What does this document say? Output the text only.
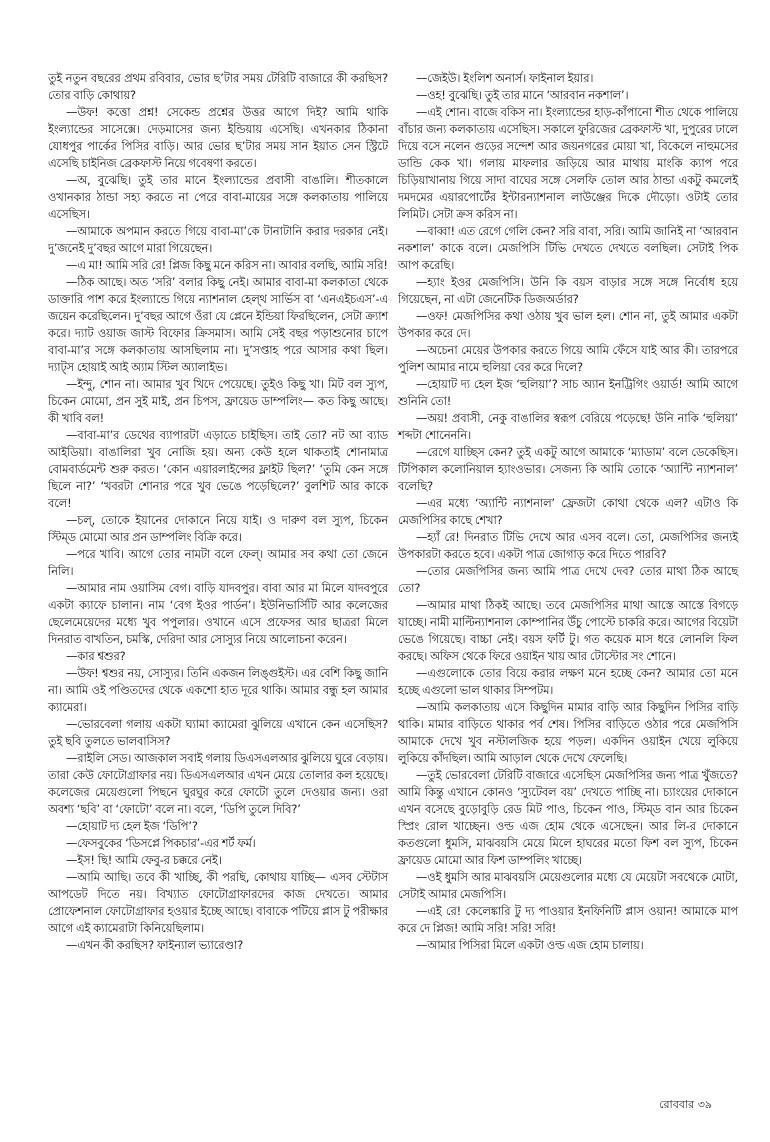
তুই নতুন বছরের প্রথম রবিবার, ভোর ছ’টার সময় টেরিটি বাজারে কী করছিস? তোর বাড়ি কোথায়?

—উফ! কত্তো প্রশ্ন! সেকেন্ড প্রশ্নের উত্তর আগে দিই? আমি থাকি ইংল্যান্ডের সাসেক্সে। দেড়মাসের জন্য ইন্ডিয়ায় এসেছি। এখনকার ঠিকানা যোধপুর পার্কের পিসির বাড়ি। আর ভোর ছ’টার সময় সান ইয়াত সেন স্ট্রিটে এসেছি চাইনিজ ব্রেকফাস্ট নিয়ে গবেষণা করতে।

—অ, বুঝেছি। তুই তার মানে ইংল্যান্ডের প্রবাসী বাঙালি। শীতকালে ওখানকার ঠান্ডা সহ্য করতে না পেরে বাবা-মায়ের সঙ্গে কলকাতায় পালিয়ে এসেছিস।

—আমাকে অপমান করতে গিয়ে বাবা-মা’কে টানাটানি করার দরকার নেই। দু’জনেই দু’বছর আগে মারা গিয়েছেন।

—এ মা! আমি সরি রে! প্লিজ কিছু মনে করিস না। আবার বলছি, আমি সরি!

—ঠিক আছে। অত ‘সরি’ বলার কিছু নেই। আমার বাবা-মা কলকাতা থেকে ডাক্তারি পাশ করে ইংল্যান্ডে গিয়ে ন্যাশনাল হেল্‌থ সার্ভিস বা ‘এনএইচএস’-এ জয়েন করেছিলেন। দু’বছর আগে ওঁরা যে প্লেনে ইন্ডিয়া ফিরছিলেন, সেটা ক্র্যাশ করে। দ্যাট ওয়াজ জাস্ট বিফোর ক্রিসমাস। আমি সেই বছর পড়াশুনোর চাপে বাবা-মা’র সঙ্গে কলকাতায় আসছিলাম না। দু’সপ্তাহ পরে আসার কথা ছিল। দ্যাট্‌স হোয়াই আই অ্যাম স্টিল অ্যালাইভ।

—ইন্দু, শোন না। আমার খুব খিদে পেয়েছে। তুইও কিছু খা। মিট বল স্যুপ, চিকেন মোমো, প্রন সুই মাই, প্রন চিপস, ফ্রায়েড ডাম্পলিং— কত কিছু আছে। কী খাবি বল!

—বাবা-মা’র ডেথের ব্যাপারটা এড়াতে চাইছিস। তাই তো? নট আ ব্যাড আইডিয়া। বাঙালিরা খুব নোজি হয়। অন্য কেউ হলে থাকতাই শোনামাত্র বোমবার্ডমেন্ট শুরু করত। ‘কোন এয়ারলাইন্সের ফ্লাইট ছিল?’ ‘তুমি কেন সঙ্গে ছিলে না?’ ‘খবরটা শোনার পরে খুব ভেঙে পড়েছিলে?’ বুলশিট আর কাকে বলে!

—চল্‌, তোকে ইয়ানের দোকানে নিয়ে যাই। ও দারুণ বল স্যুপ, চিকেন স্টিম্‌ড মোমো আর প্রন ডাম্পলিং বিক্রি করে।

—পরে খাবি। আগে তোর নামটা বলে ফেল্‌। আমার সব কথা তো জেনে নিলি।

—আমার নাম ওয়াসিম বেগ। বাড়ি যাদবপুর। বাবা আর মা মিলে যাদবপুরে একটা ক্যাফে চালান। নাম ‘বেগ ইওর পার্ডন’। ইউনিভার্সিটি আর কলেজের ছেলেমেয়েদের মধ্যে খুব পপুলার। ওখানে এসে প্রফেসর আর ছাত্ররা মিলে দিনরাত বাখতিন, চমস্কি, দেরিদা আর সোস্যুর নিয়ে আলোচনা করেন।

—কার শ্বশুর?

—উফ! শ্বশুর নয়, সোস্যুর। তিনি একজন লিঙ্গুইস্ট। এর বেশি কিছু জানি না। আমি ওই পণ্ডিতদের থেকে একশো হাত দূরে থাকি। আমার বন্ধু হল আমার ক্যামেরা।

—ভোরবেলা গলায় একটা ঘ্যামা ক্যামেরা ঝুলিয়ে এখানে কেন এসেছিস? তুই ছবি তুলতে ভালবাসিস?

—রাইলি সেড। আজকাল সবাই গলায় ডিএসএলআর ঝুলিয়ে ঘুরে বেড়ায়। তারা কেউ ফোটোগ্রাফার নয়। ডিএসএলআর এখন মেয়ে তোলার কল হয়েছে। কলেজের মেয়েগুলো পিছনে ঘুরঘুর করে ফোটো তুলে দেওয়ার জন্য। ওরা অবশ্য ‘ছবি’ বা ‘ফোটো’ বলে না। বলে, ‘ডিপি তুলে দিবি?’

—হোয়াট দ্য হেল ইজ ‘ডিপি’?

—ফেসবুকের ‘ডিসপ্লে পিকচার’-এর শর্ট ফর্ম।

—ইস! ছি! আমি ফেবু-র চক্করে নেই।

—আমি আছি। তবে কী খাচ্ছি, কী পরছি, কোথায় যাচ্ছি— এসব স্টেটাস আপডেট দিতে নয়। বিখ্যাত ফোটোগ্রাফারদের কাজ দেখতে। আমার প্রোফেশনাল ফোটোগ্রাফার হওয়ার ইচ্ছে আছে। বাবাকে পটিয়ে প্লাস টু পরীক্ষার আগে এই ক্যামেরাটা কিনিয়েছিলাম।

—এখন কী করছিস? ফাইন্যাল ভ্যারেণ্ডা?

—জেইউ। ইংলিশ অনার্স। ফাইনাল ইয়ার।

—ওহ! বুঝেছি। তুই তার মানে ‘আরবান নকশাল’।

—এই শোন। বাজে বকিস না। ইংল্যান্ডের হাড়-কাঁপানো শীত থেকে পালিয়ে বাঁচার জন্য কলকাতায় এসেছিস। সকালে ফুরিজের ব্রেকফাস্ট খা, দুপুরের ঢালে দিয়ে বসে নলেন গুড়ের সন্দেশ আর জয়নগরের মোয়া খা, বিকেলে নাহুমসের ডান্ডি কেক খা। গলায় মাফলার জড়িয়ে আর মাথায় মাংকি ক্যাপ পরে চিড়িয়াখানায় গিয়ে সাদা বাঘের সঙ্গে সেলফি তোল আর ঠান্ডা একটু কমলেই দমদমের এয়ারপোর্টের ইন্টারন্যাশনাল লাউঞ্জের দিকে দৌড়ো। ওটাই তোর লিমিট। সেটা ক্রস করিস না।

—বাব্বা! এত রেগে গেলি কেন? সরি বাবা, সরি। আমি জানিই না ‘আরবান নকশাল’ কাকে বলে। মেজপিসি টিভি দেখতে দেখতে বলছিল। সেটাই পিক আপ করেছি।

—হ্যাং ইওর মেজপিসি। উনি কি বয়স বাড়ার সঙ্গে সঙ্গে নির্বোধ হয়ে গিয়েছেন, না এটা জেনেটিক ডিজঅর্ডার?

—ওফ! মেজপিসির কথা ওঠায় খুব ভাল হল। শোন না, তুই আমার একটা উপকার করে দে।

—অচেনা মেয়ের উপকার করতে গিয়ে আমি ফেঁসে যাই আর কী। তারপরে পুলিশ আমার নামে হুলিয়া বের করে দিলে?

—হোয়াট দ্য হেল ইজ ‘হুলিয়া’? সাচ অ্যান ইনট্রিগিং ওয়ার্ড! আমি আগে শুনিনি তো!

—অয়! প্রবাসী, নেকু বাঙালির স্বরূপ বেরিয়ে পড়েছে! উনি নাকি ‘হুলিয়া’ শব্দটা শোনেননি।

—রেগে যাচ্ছিস কেন? তুই একটু আগে আমাকে ‘ম্যাডাম’ বলে ডেকেছিস। টিপিকাল কলোনিয়াল হ্যাংওভার। সেজন্য কি আমি তোকে ‘অ্যান্টি ন্যাশনাল’ বলেছি?

—এর মধ্যে ‘অ্যান্টি ন্যাশনাল’ ফ্রেজটা কোথা থেকে এল? এটাও কি মেজপিসির কাছে শেখা?

—হ্যাঁ রে! দিনরাত টিভি দেখে আর এসব বলে। তো, মেজপিসির জন্যই উপকারটা করতে হবে। একটা পাত্র জোগাড় করে দিতে পারবি?

—তোর মেজপিসির জন্য আমি পাত্র দেখে দেব? তোর মাথা ঠিক আছে তো?

—আমার মাথা ঠিকই আছে। তবে মেজপিসির মাথা আস্তে আস্তে বিগড়ে যাচ্ছে। নামী মাল্টিন্যাশনাল কোম্পানির উঁচু পোস্টে চাকরি করে। আগের বিয়েটা ভেঙে গিয়েছে। বাচ্চা নেই। বয়স ফর্টি টু। গত কয়েক মাস ধরে লোনলি ফিল করছে। অফিস থেকে ফিরে ওয়াইন খায় আর টোস্টোর সং শোনে।

—এগুলোকে তোর বিয়ে করার লক্ষণ মনে হচ্ছে কেন? আমার তো মনে হচ্ছে এগুলো ভাল থাকার সিম্পটম।

—আমি কলকাতায় এসে কিছুদিন মামার বাড়ি আর কিছুদিন পিসির বাড়ি থাকি। মামার বাড়িতে থাকার পর্ব শেষ। পিসির বাড়িতে ওঠার পরে মেজপিসি আমাকে দেখে খুব নস্টালজিক হয়ে পড়ল। একদিন ওয়াইন খেয়ে লুকিয়ে লুকিয়ে কাঁদছিল। আমি আড়াল থেকে দেখে ফেলেছি।

—তুই ভোরবেলা টেরিটি বাজারে এসেছিস মেজপিসির জন্য পাত্র খুঁজতে? আমি কিন্তু এখানে কোনও ‘স্যুটেবল বয়’ দেখতে পাচ্ছি না। চ্যাংয়ের দোকানে এখন বসেছে বুড়োবুড়ি রেড মিট পাও, চিকেন পাও, স্টিম্‌ড বান আর চিকেন স্প্রিং রোল খাচ্ছেন। ওল্ড এজ হোম থেকে এসেছেন। আর লি-র দোকানে কতগুলো ধুমসি, মাঝবয়সি মেয়ে মিলে হাঘরের মতো ফিশ বল স্যুপ, চিকেন ফ্রায়েড মোমো আর ফিশ ডাম্পলিং খাচ্ছে।

—ওই ধুমসি আর মাঝবয়সি মেয়েগুলোর মধ্যে যে মেয়েটা সবথেকে মোটা, সেটাই আমার মেজপিসি।

—এই রে! কেলেঙ্কারি টু দ্য পাওয়ার ইনফিনিটি প্লাস ওয়ান! আমাকে মাপ করে দে প্লিজ! আমি সরি! সরি! সরি!

—আমার পিসিরা মিলে একটা ওল্ড এজ হোম চালায়।

রোববার ৩৯
